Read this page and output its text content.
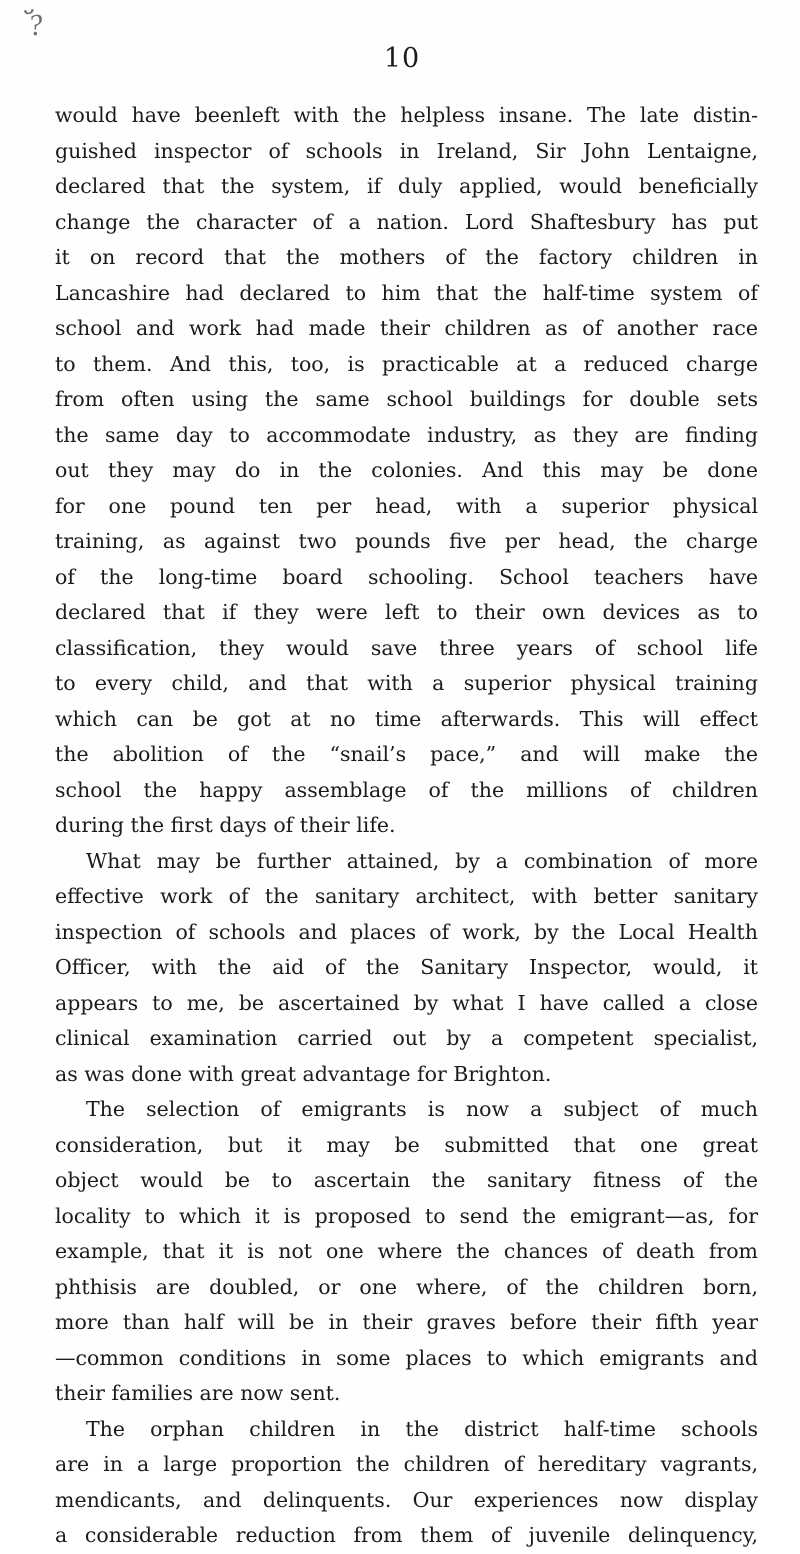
?ﬞ
10
would have beenleft with the helpless insane. The late distin-
guished inspector of schools in Ireland, Sir John Lentaigne,
declared that the system, if duly applied, would beneficially
change the character of a nation. Lord Shaftesbury has put
it on record that the mothers of the factory children in
Lancashire had declared to him that the half-time system of
school and work had made their children as of another race
to them. And this, too, is practicable at a reduced charge
from often using the same school buildings for double sets
the same day to accommodate industry, as they are finding
out they may do in the colonies. And this may be done
for one pound ten per head, with a superior physical
training, as against two pounds five per head, the charge
of the long-time board schooling. School teachers have
declared that if they were left to their own devices as to
classification, they would save three years of school life
to every child, and that with a superior physical training
which can be got at no time afterwards. This will effect
the abolition of the “snail’s pace,” and will make the
school the happy assemblage of the millions of children
during the first days of their life.
What may be further attained, by a combination of more
effective work of the sanitary architect, with better sanitary
inspection of schools and places of work, by the Local Health
Officer, with the aid of the Sanitary Inspector, would, it
appears to me, be ascertained by what I have called a close
clinical examination carried out by a competent specialist,
as was done with great advantage for Brighton.
The selection of emigrants is now a subject of much
consideration, but it may be submitted that one great
object would be to ascertain the sanitary fitness of the
locality to which it is proposed to send the emigrant—as, for
example, that it is not one where the chances of death from
phthisis are doubled, or one where, of the children born,
more than half will be in their graves before their fifth year
—common conditions in some places to which emigrants and
their families are now sent.
The orphan children in the district half-time schools
are in a large proportion the children of hereditary vagrants,
mendicants, and delinquents. Our experiences now display
a considerable reduction from them of juvenile delinquency,
